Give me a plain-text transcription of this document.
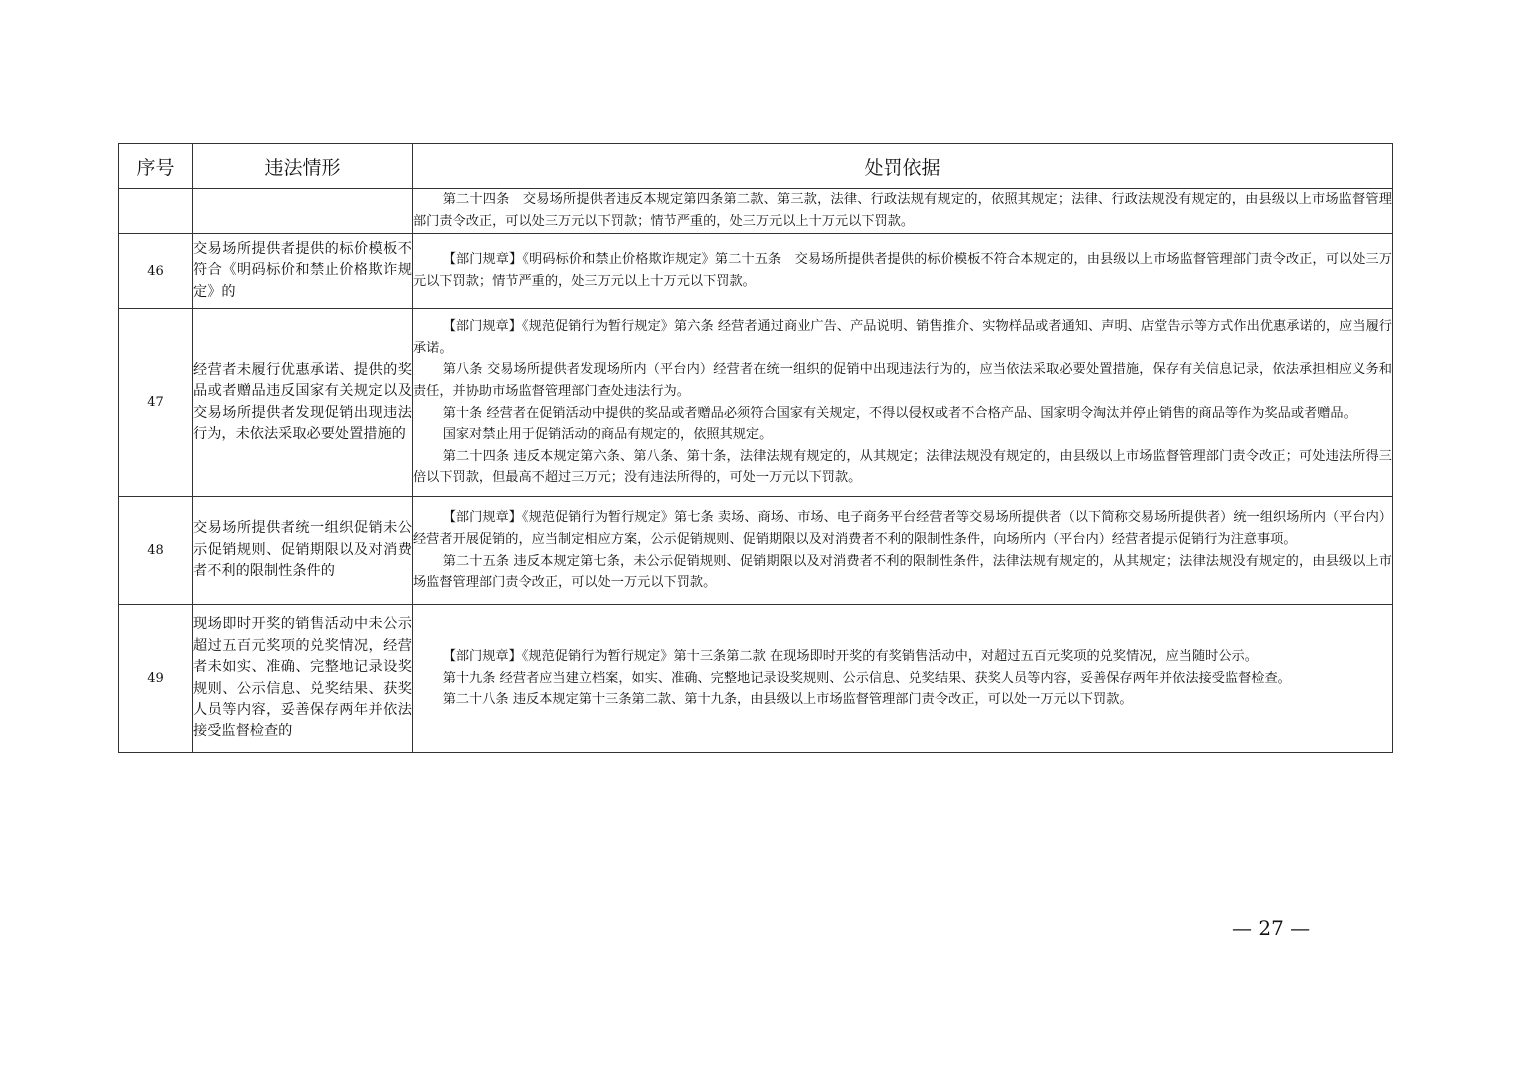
序号	违法情形	处罚依据

		第二十四条　交易场所提供者违反本规定第四条第二款、第三款，法律、行政法规有规定的，依照其规定；法律、行政法规没有规定的，由县级以上市场监督管理部门责令改正，可以处三万元以下罚款；情节严重的，处三万元以上十万元以下罚款。

46	交易场所提供者提供的标价模板不符合《明码标价和禁止价格欺诈规定》的	【部门规章】《明码标价和禁止价格欺诈规定》第二十五条　交易场所提供者提供的标价模板不符合本规定的，由县级以上市场监督管理部门责令改正，可以处三万元以下罚款；情节严重的，处三万元以上十万元以下罚款。

47	经营者未履行优惠承诺、提供的奖品或者赠品违反国家有关规定以及交易场所提供者发现促销出现违法行为，未依法采取必要处置措施的	【部门规章】《规范促销行为暂行规定》第六条 经营者通过商业广告、产品说明、销售推介、实物样品或者通知、声明、店堂告示等方式作出优惠承诺的，应当履行承诺。

第八条 交易场所提供者发现场所内（平台内）经营者在统一组织的促销中出现违法行为的，应当依法采取必要处置措施，保存有关信息记录，依法承担相应义务和责任，并协助市场监督管理部门查处违法行为。

第十条 经营者在促销活动中提供的奖品或者赠品必须符合国家有关规定，不得以侵权或者不合格产品、国家明令淘汰并停止销售的商品等作为奖品或者赠品。

国家对禁止用于促销活动的商品有规定的，依照其规定。

第二十四条 违反本规定第六条、第八条、第十条，法律法规有规定的，从其规定；法律法规没有规定的，由县级以上市场监督管理部门责令改正；可处违法所得三倍以下罚款，但最高不超过三万元；没有违法所得的，可处一万元以下罚款。

48	交易场所提供者统一组织促销未公示促销规则、促销期限以及对消费者不利的限制性条件的	【部门规章】《规范促销行为暂行规定》第七条 卖场、商场、市场、电子商务平台经营者等交易场所提供者（以下简称交易场所提供者）统一组织场所内（平台内）经营者开展促销的，应当制定相应方案，公示促销规则、促销期限以及对消费者不利的限制性条件，向场所内（平台内）经营者提示促销行为注意事项。

第二十五条 违反本规定第七条，未公示促销规则、促销期限以及对消费者不利的限制性条件，法律法规有规定的，从其规定；法律法规没有规定的，由县级以上市场监督管理部门责令改正，可以处一万元以下罚款。

49	现场即时开奖的销售活动中未公示超过五百元奖项的兑奖情况，经营者未如实、准确、完整地记录设奖规则、公示信息、兑奖结果、获奖人员等内容，妥善保存两年并依法接受监督检查的	【部门规章】《规范促销行为暂行规定》第十三条第二款 在现场即时开奖的有奖销售活动中，对超过五百元奖项的兑奖情况，应当随时公示。

第十九条 经营者应当建立档案，如实、准确、完整地记录设奖规则、公示信息、兑奖结果、获奖人员等内容，妥善保存两年并依法接受监督检查。

第二十八条 违反本规定第十三条第二款、第十九条，由县级以上市场监督管理部门责令改正，可以处一万元以下罚款。

— 27 —
